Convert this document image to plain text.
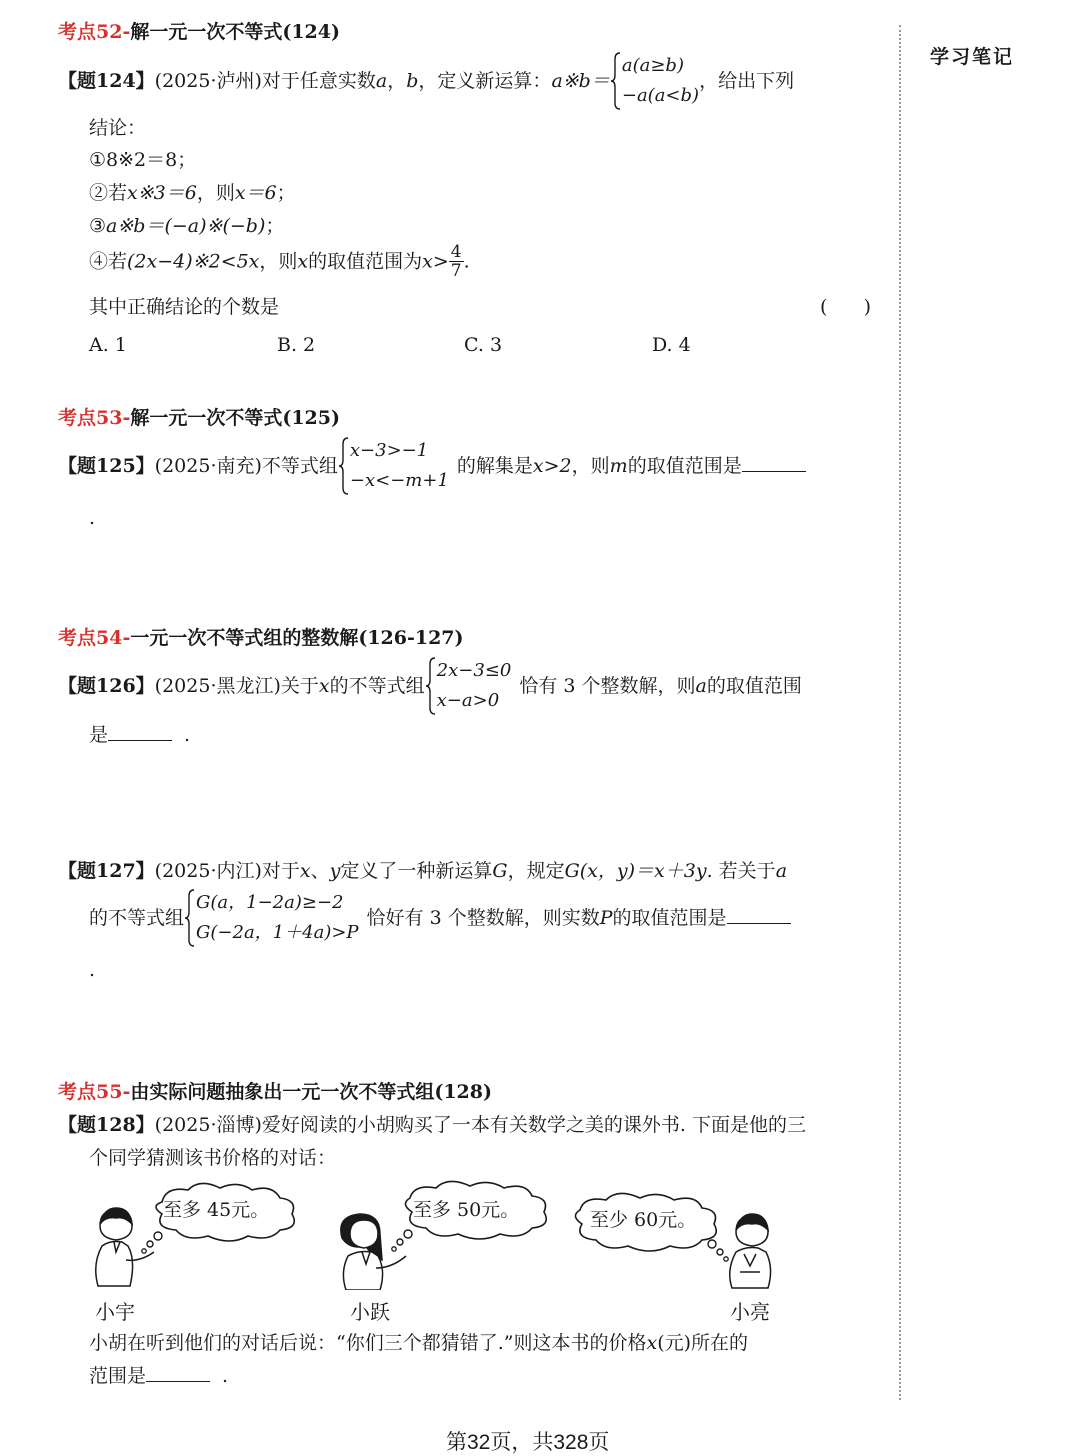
学习笔记
考点52-解一元一次不等式(124)
【题124】(2025·泸州)对于任意实数a，b，定义新运算：a※b＝
a(a≥b)
−a(a<b)
，给出下列
结论：
①8※2＝8；
②若x※3＝6，则x＝6；
③a※b＝(−a)※(−b)；
④若(2x−4)※2<5x，则x的取值范围为$x> \frac{4}{7}$ .
其中正确结论的个数是	(      )
A. 1	B. 2	C. 3	D. 4
考点53-解一元一次不等式(125)
【题125】(2025·南充)不等式组
x−3>−1
−x<−m+1
的解集是x>2，则m的取值范围是
.
考点54-一元一次不等式组的整数解(126-127)
【题126】(2025·黑龙江)关于x的不等式组
2x−3≤0
x−a>0
恰有 3 个整数解，则a的取值范围
是	.
【题127】(2025·内江)对于x、y定义了一种新运算G，规定G(x，y)＝x＋3y. 若关于a
的不等式组
G(a，1−2a)≥−2
G(−2a，1＋4a)>P
恰好有 3 个整数解，则实数P的取值范围是
.
考点55-由实际问题抽象出一元一次不等式组(128)
【题128】(2025·淄博)爱好阅读的小胡购买了一本有关数学之美的课外书. 下面是他的三
个同学猜测该书价格的对话：
至多 45元。	至多 50元。	至少 60元。
小宇	小跃	小亮
小胡在听到他们的对话后说：“你们三个都猜错了.”则这本书的价格x(元)所在的
范围是	.
第32页，共328页
